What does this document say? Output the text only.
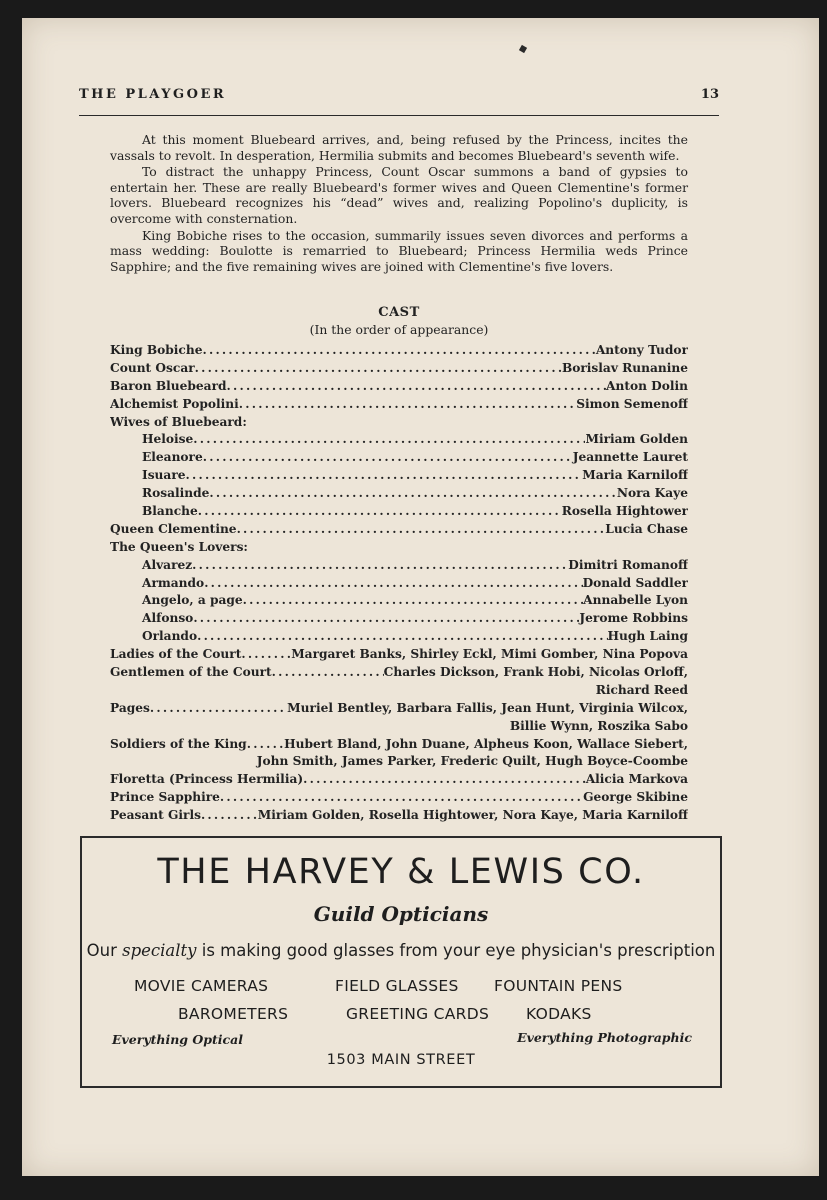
THE PLAYGOER	13

At this moment Bluebeard arrives, and, being refused by the Princess, incites the vassals to revolt. In desperation, Hermilia submits and becomes Bluebeard's seventh wife.

To distract the unhappy Princess, Count Oscar summons a band of gypsies to entertain her. These are really Bluebeard's former wives and Queen Clementine's former lovers. Bluebeard recognizes his “dead” wives and, realizing Popolino's duplicity, is overcome with consternation.

King Bobiche rises to the occasion, summarily issues seven divorces and performs a mass wedding: Boulotte is remarried to Bluebeard; Princess Hermilia weds Prince Sapphire; and the five remaining wives are joined with Clementine's five lovers.

CAST
(In the order of appearance)
King Bobiche . . .	Antony Tudor
Count Oscar . . .	Borislav Runanine
Baron Bluebeard . . .	Anton Dolin
Alchemist Popolini . . .	Simon Semenoff
Wives of Bluebeard:
Heloise . . .	Miriam Golden
Eleanore . . .	Jeannette Lauret
Isuare . . .	Maria Karniloff
Rosalinde . . .	Nora Kaye
Blanche . . .	Rosella Hightower
Queen Clementine . . .	Lucia Chase
The Queen's Lovers:
Alvarez . . .	Dimitri Romanoff
Armando . . .	Donald Saddler
Angelo, a page . . .	Annabelle Lyon
Alfonso . . .	Jerome Robbins
Orlando . . .	Hugh Laing
Ladies of the Court . . .	Margaret Banks, Shirley Eckl, Mimi Gomber, Nina Popova
Gentlemen of the Court . . .	Charles Dickson, Frank Hobi, Nicolas Orloff,
Richard Reed
Pages . . .	Muriel Bentley, Barbara Fallis, Jean Hunt, Virginia Wilcox,
Billie Wynn, Roszika Sabo
Soldiers of the King . . .	Hubert Bland, John Duane, Alpheus Koon, Wallace Siebert,
John Smith, James Parker, Frederic Quilt, Hugh Boyce-Coombe
Floretta (Princess Hermilia) . . .	Alicia Markova
Prince Sapphire . . .	George Skibine
Peasant Girls . . .	Miriam Golden, Rosella Hightower, Nora Kaye, Maria Karniloff
THE HARVEY & LEWIS CO.
Guild Opticians
Our specialty is making good glasses from your eye physician's prescription
MOVIE CAMERAS	FIELD GLASSES FOUNTAIN PENS
BAROMETERS	GREETING CARDS KODAKS
Everything Optical	Everything Photographic
1503 MAIN STREET
